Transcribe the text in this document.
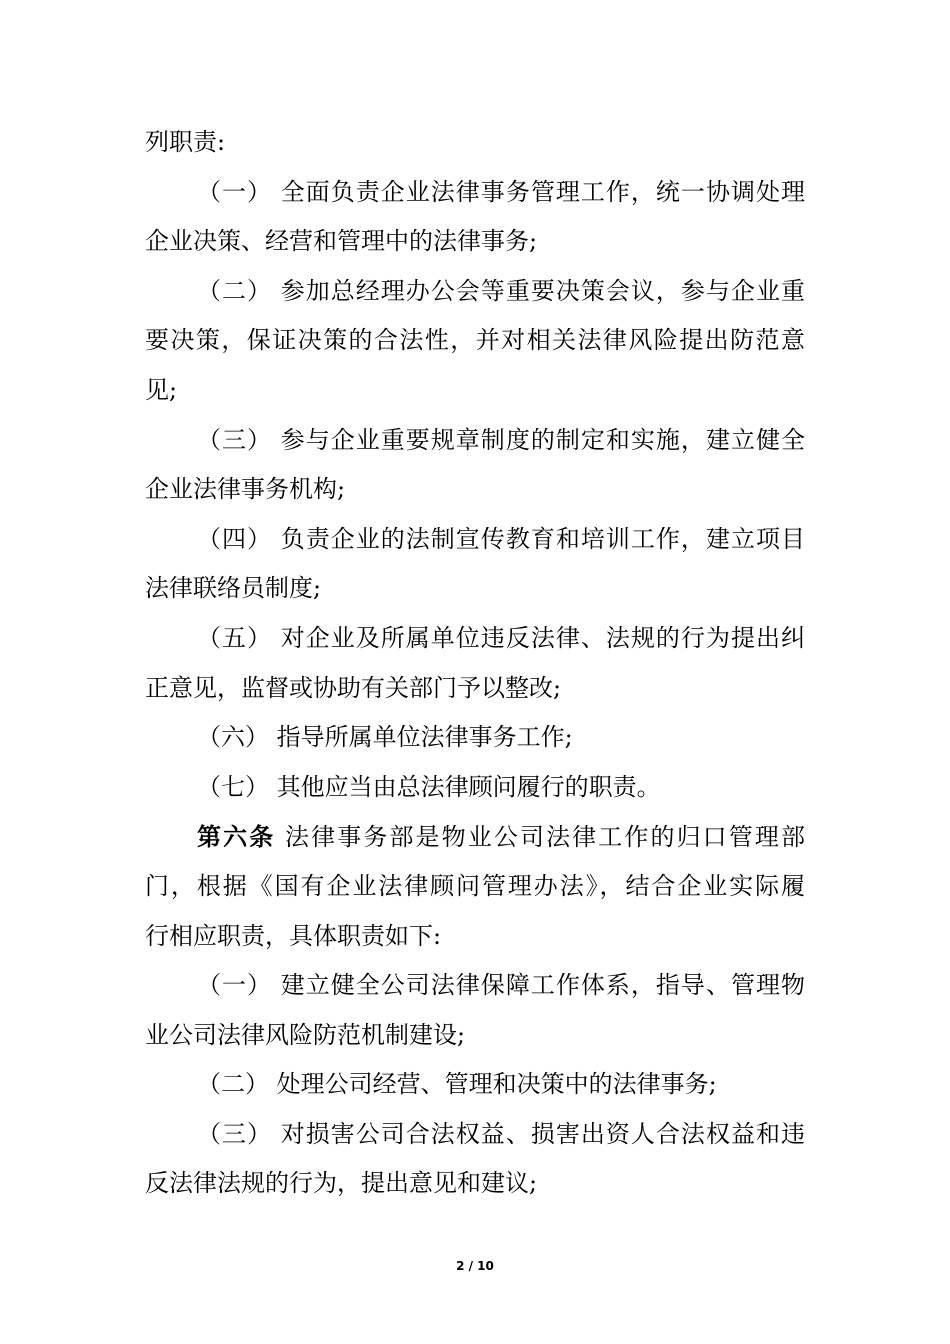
列职责:
（一） 全面负责企业法律事务管理工作，统一协调处理
企业决策、经营和管理中的法律事务;
（二） 参加总经理办公会等重要决策会议，参与企业重
要决策，保证决策的合法性，并对相关法律风险提出防范意
见;
（三） 参与企业重要规章制度的制定和实施，建立健全
企业法律事务机构;
（四） 负责企业的法制宣传教育和培训工作，建立项目
法律联络员制度;
（五） 对企业及所属单位违反法律、法规的行为提出纠
正意见，监督或协助有关部门予以整改;
（六） 指导所属单位法律事务工作;
（七） 其他应当由总法律顾问履行的职责。
第六条 法律事务部是物业公司法律工作的归口管理部
门，根据《国有企业法律顾问管理办法》，结合企业实际履
行相应职责，具体职责如下:
（一） 建立健全公司法律保障工作体系，指导、管理物
业公司法律风险防范机制建设;
（二） 处理公司经营、管理和决策中的法律事务;
（三） 对损害公司合法权益、损害出资人合法权益和违
反法律法规的行为，提出意见和建议;
2 / 10
